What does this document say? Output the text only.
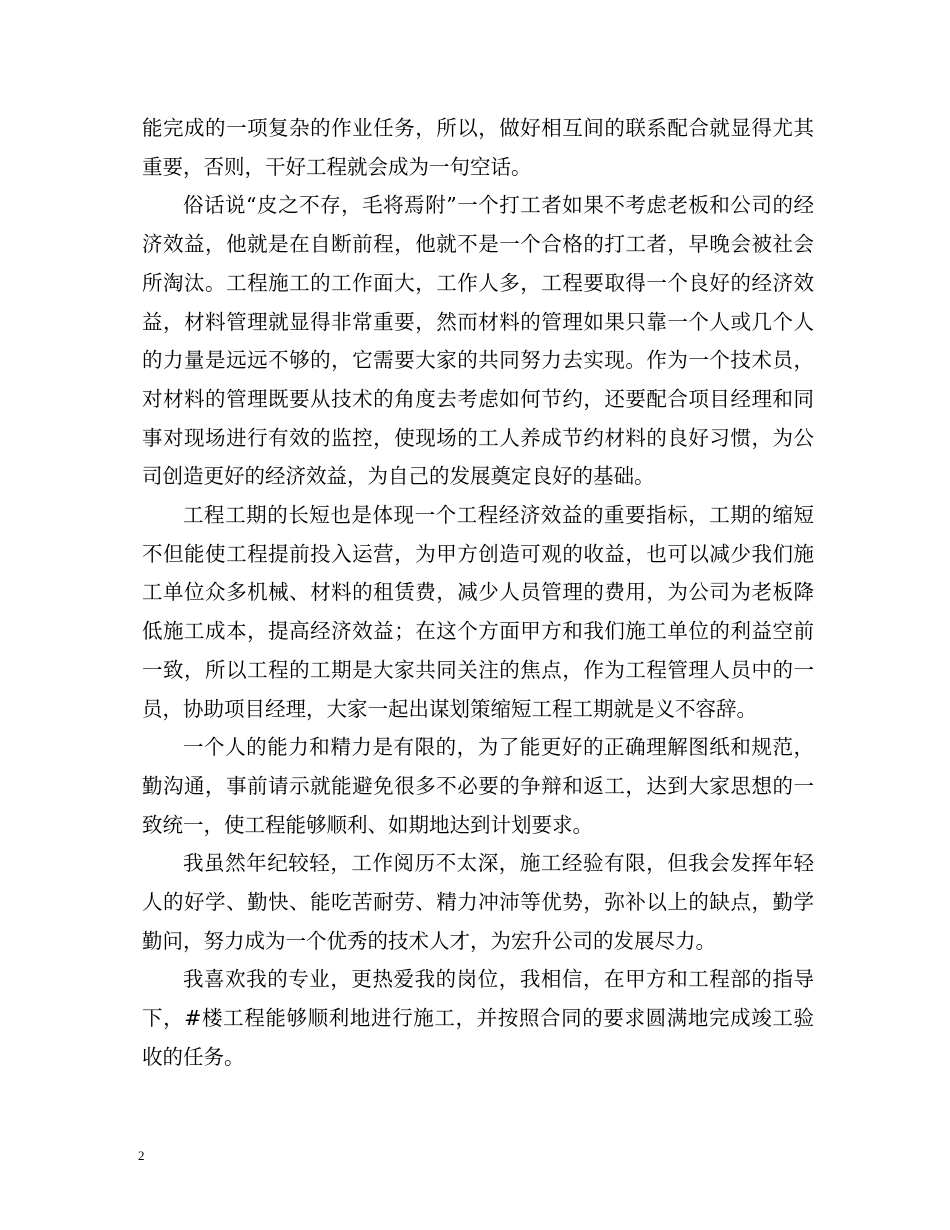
能完成的一项复杂的作业任务，所以，做好相互间的联系配合就显得尤其重要，否则，干好工程就会成为一句空话。

俗话说“皮之不存，毛将焉附”一个打工者如果不考虑老板和公司的经济效益，他就是在自断前程，他就不是一个合格的打工者，早晚会被社会所淘汰。工程施工的工作面大，工作人多，工程要取得一个良好的经济效益，材料管理就显得非常重要，然而材料的管理如果只靠一个人或几个人的力量是远远不够的，它需要大家的共同努力去实现。作为一个技术员，对材料的管理既要从技术的角度去考虑如何节约，还要配合项目经理和同事对现场进行有效的监控，使现场的工人养成节约材料的良好习惯，为公司创造更好的经济效益，为自己的发展奠定良好的基础。

工程工期的长短也是体现一个工程经济效益的重要指标，工期的缩短不但能使工程提前投入运营，为甲方创造可观的收益，也可以减少我们施工单位众多机械、材料的租赁费，减少人员管理的费用，为公司为老板降低施工成本，提高经济效益；在这个方面甲方和我们施工单位的利益空前一致，所以工程的工期是大家共同关注的焦点，作为工程管理人员中的一员，协助项目经理，大家一起出谋划策缩短工程工期就是义不容辞。

一个人的能力和精力是有限的，为了能更好的正确理解图纸和规范，勤沟通，事前请示就能避免很多不必要的争辩和返工，达到大家思想的一致统一，使工程能够顺利、如期地达到计划要求。

我虽然年纪较轻，工作阅历不太深，施工经验有限，但我会发挥年轻人的好学、勤快、能吃苦耐劳、精力冲沛等优势，弥补以上的缺点，勤学勤问，努力成为一个优秀的技术人才，为宏升公司的发展尽力。

我喜欢我的专业，更热爱我的岗位，我相信，在甲方和工程部的指导下，#楼工程能够顺利地进行施工，并按照合同的要求圆满地完成竣工验收的任务。

2
